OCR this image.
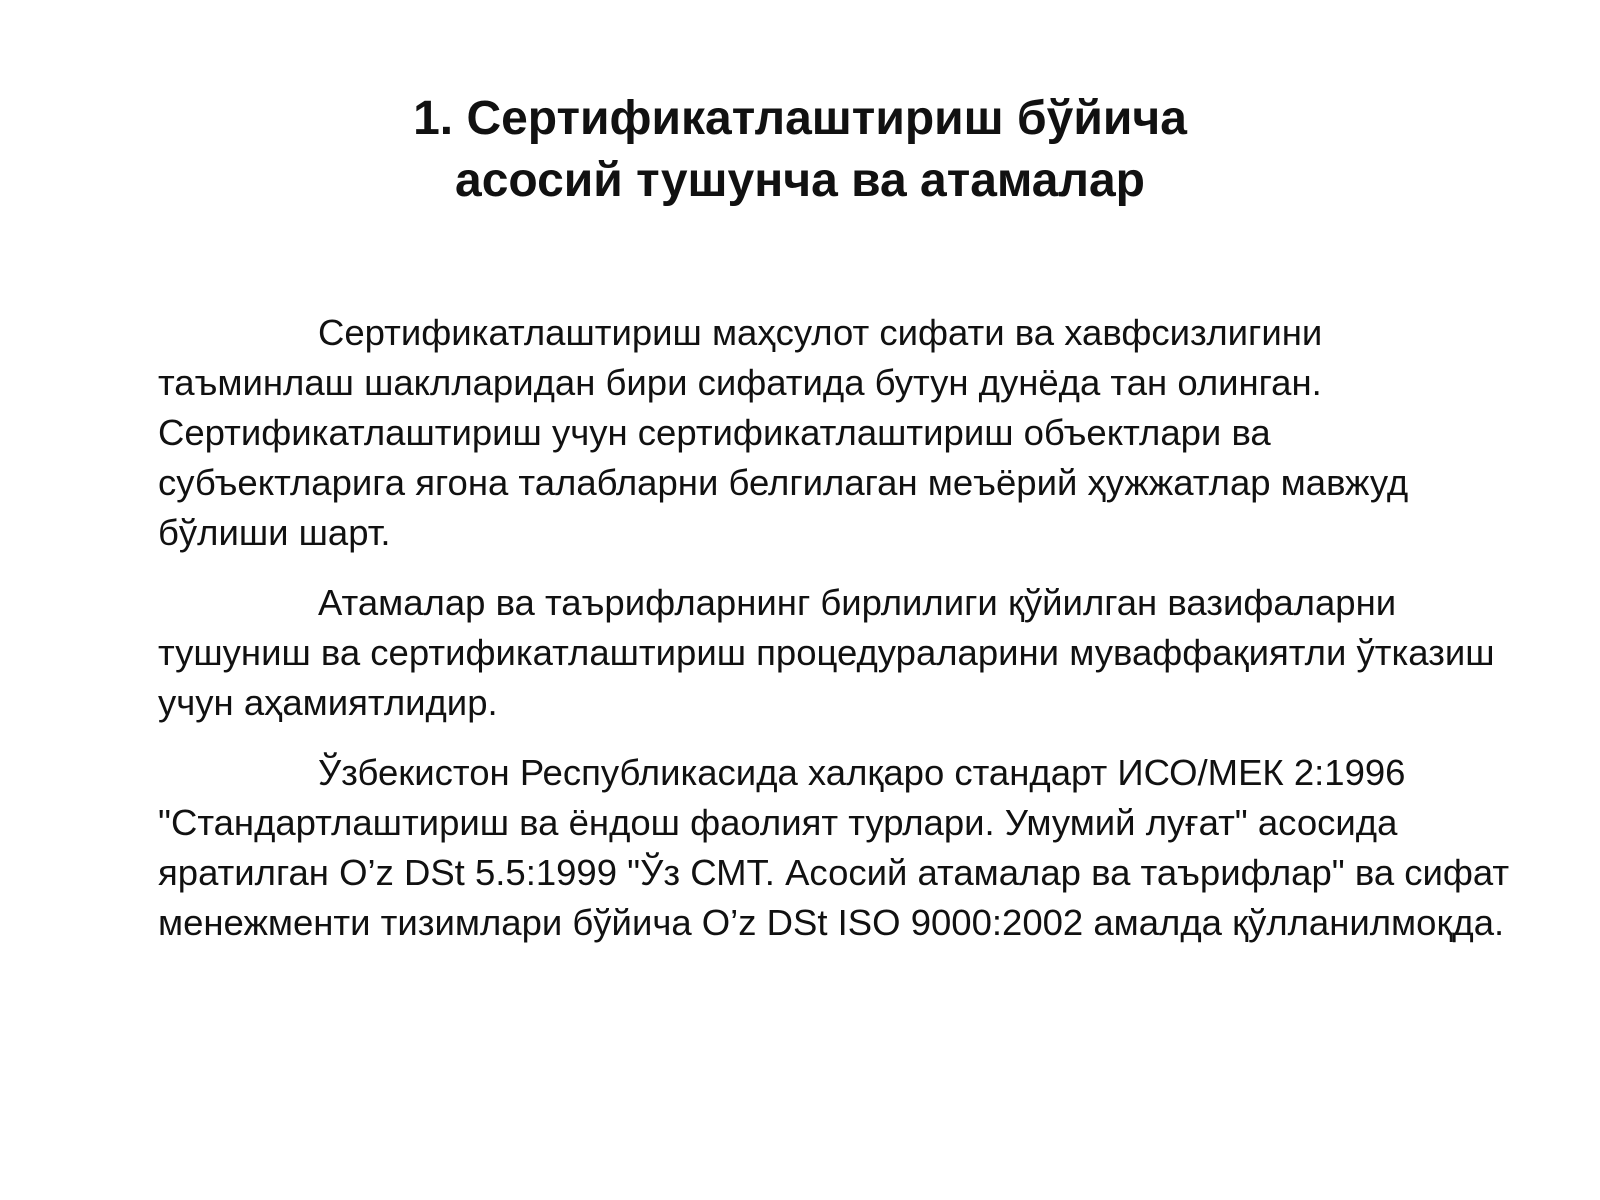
1. Сертификатлаштириш бўйича
асосий тушунча ва атамалар

Сертификатлаштириш маҳсулот сифати ва хавфсизлигини таъминлаш шаклларидан бири сифатида бутун дунёда тан олинган. Сертификатлаштириш учун сертификатлаштириш объектлари ва субъектларига ягона талабларни белгилаган меъёрий ҳужжатлар мавжуд бўлиши шарт.

Атамалар ва таърифларнинг бирлилиги қўйилган вазифаларни тушуниш ва сертификатлаштириш процедураларини муваффақиятли ўтказиш учун аҳамиятлидир.

Ўзбекистон Республикасида халқаро стандарт ИСО/МЕК 2:1996 "Стандартлаштириш ва ёндош фаолият турлари. Умумий луғат" асосида яратилган O’z DSt 5.5:1999 "Ўз СМТ. Асосий атамалар ва таърифлар" ва сифат менежменти тизимлари бўйича O’z DSt ISO 9000:2002 амалда қўлланилмоқда.
